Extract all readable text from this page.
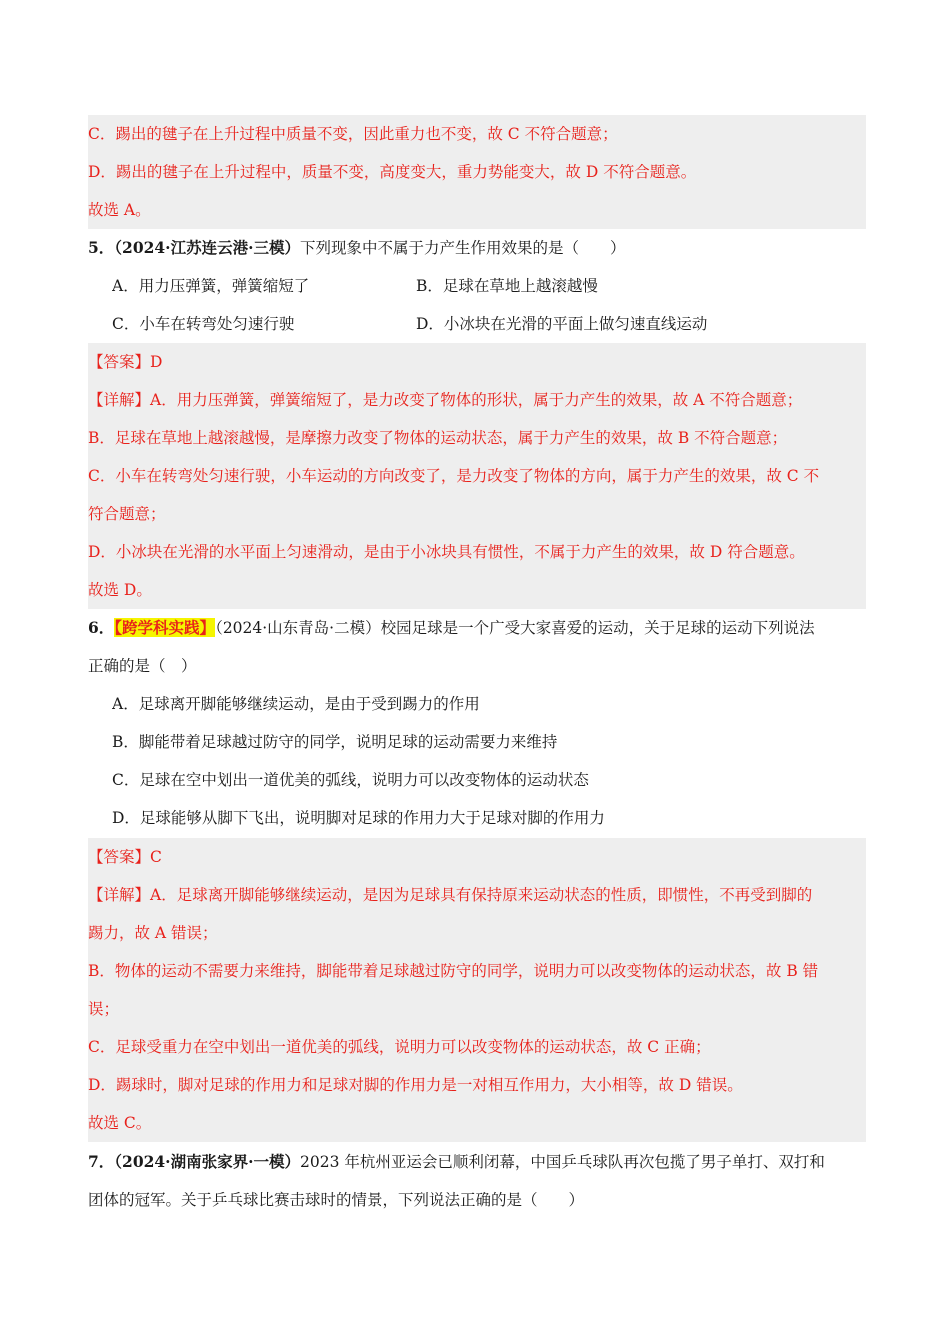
C．踢出的毽子在上升过程中质量不变，因此重力也不变，故 C 不符合题意；
D．踢出的毽子在上升过程中，质量不变，高度变大，重力势能变大，故 D 不符合题意。
故选 A。
5．（2024·江苏连云港·三模）下列现象中不属于力产生作用效果的是（　　）
A．用力压弹簧，弹簧缩短了	B．足球在草地上越滚越慢
C．小车在转弯处匀速行驶	D．小冰块在光滑的平面上做匀速直线运动
【答案】D
【详解】A．用力压弹簧，弹簧缩短了，是力改变了物体的形状，属于力产生的效果，故 A 不符合题意；
B．足球在草地上越滚越慢，是摩擦力改变了物体的运动状态，属于力产生的效果，故 B 不符合题意；
C．小车在转弯处匀速行驶，小车运动的方向改变了，是力改变了物体的方向，属于力产生的效果，故 C 不
符合题意；
D．小冰块在光滑的水平面上匀速滑动，是由于小冰块具有惯性，不属于力产生的效果，故 D 符合题意。
故选 D。
6．【跨学科实践】（2024·山东青岛·二模）校园足球是一个广受大家喜爱的运动，关于足球的运动下列说法
正确的是（　）
A．足球离开脚能够继续运动，是由于受到踢力的作用
B．脚能带着足球越过防守的同学，说明足球的运动需要力来维持
C．足球在空中划出一道优美的弧线，说明力可以改变物体的运动状态
D．足球能够从脚下飞出，说明脚对足球的作用力大于足球对脚的作用力
【答案】C
【详解】A．足球离开脚能够继续运动，是因为足球具有保持原来运动状态的性质，即惯性，不再受到脚的
踢力，故 A 错误；
B．物体的运动不需要力来维持，脚能带着足球越过防守的同学，说明力可以改变物体的运动状态，故 B 错
误；
C．足球受重力在空中划出一道优美的弧线，说明力可以改变物体的运动状态，故 C 正确；
D．踢球时，脚对足球的作用力和足球对脚的作用力是一对相互作用力，大小相等，故 D 错误。
故选 C。
7．（2024·湖南张家界·一模）2023 年杭州亚运会已顺利闭幕，中国乒乓球队再次包揽了男子单打、双打和
团体的冠军。关于乒乓球比赛击球时的情景，下列说法正确的是（　　）
